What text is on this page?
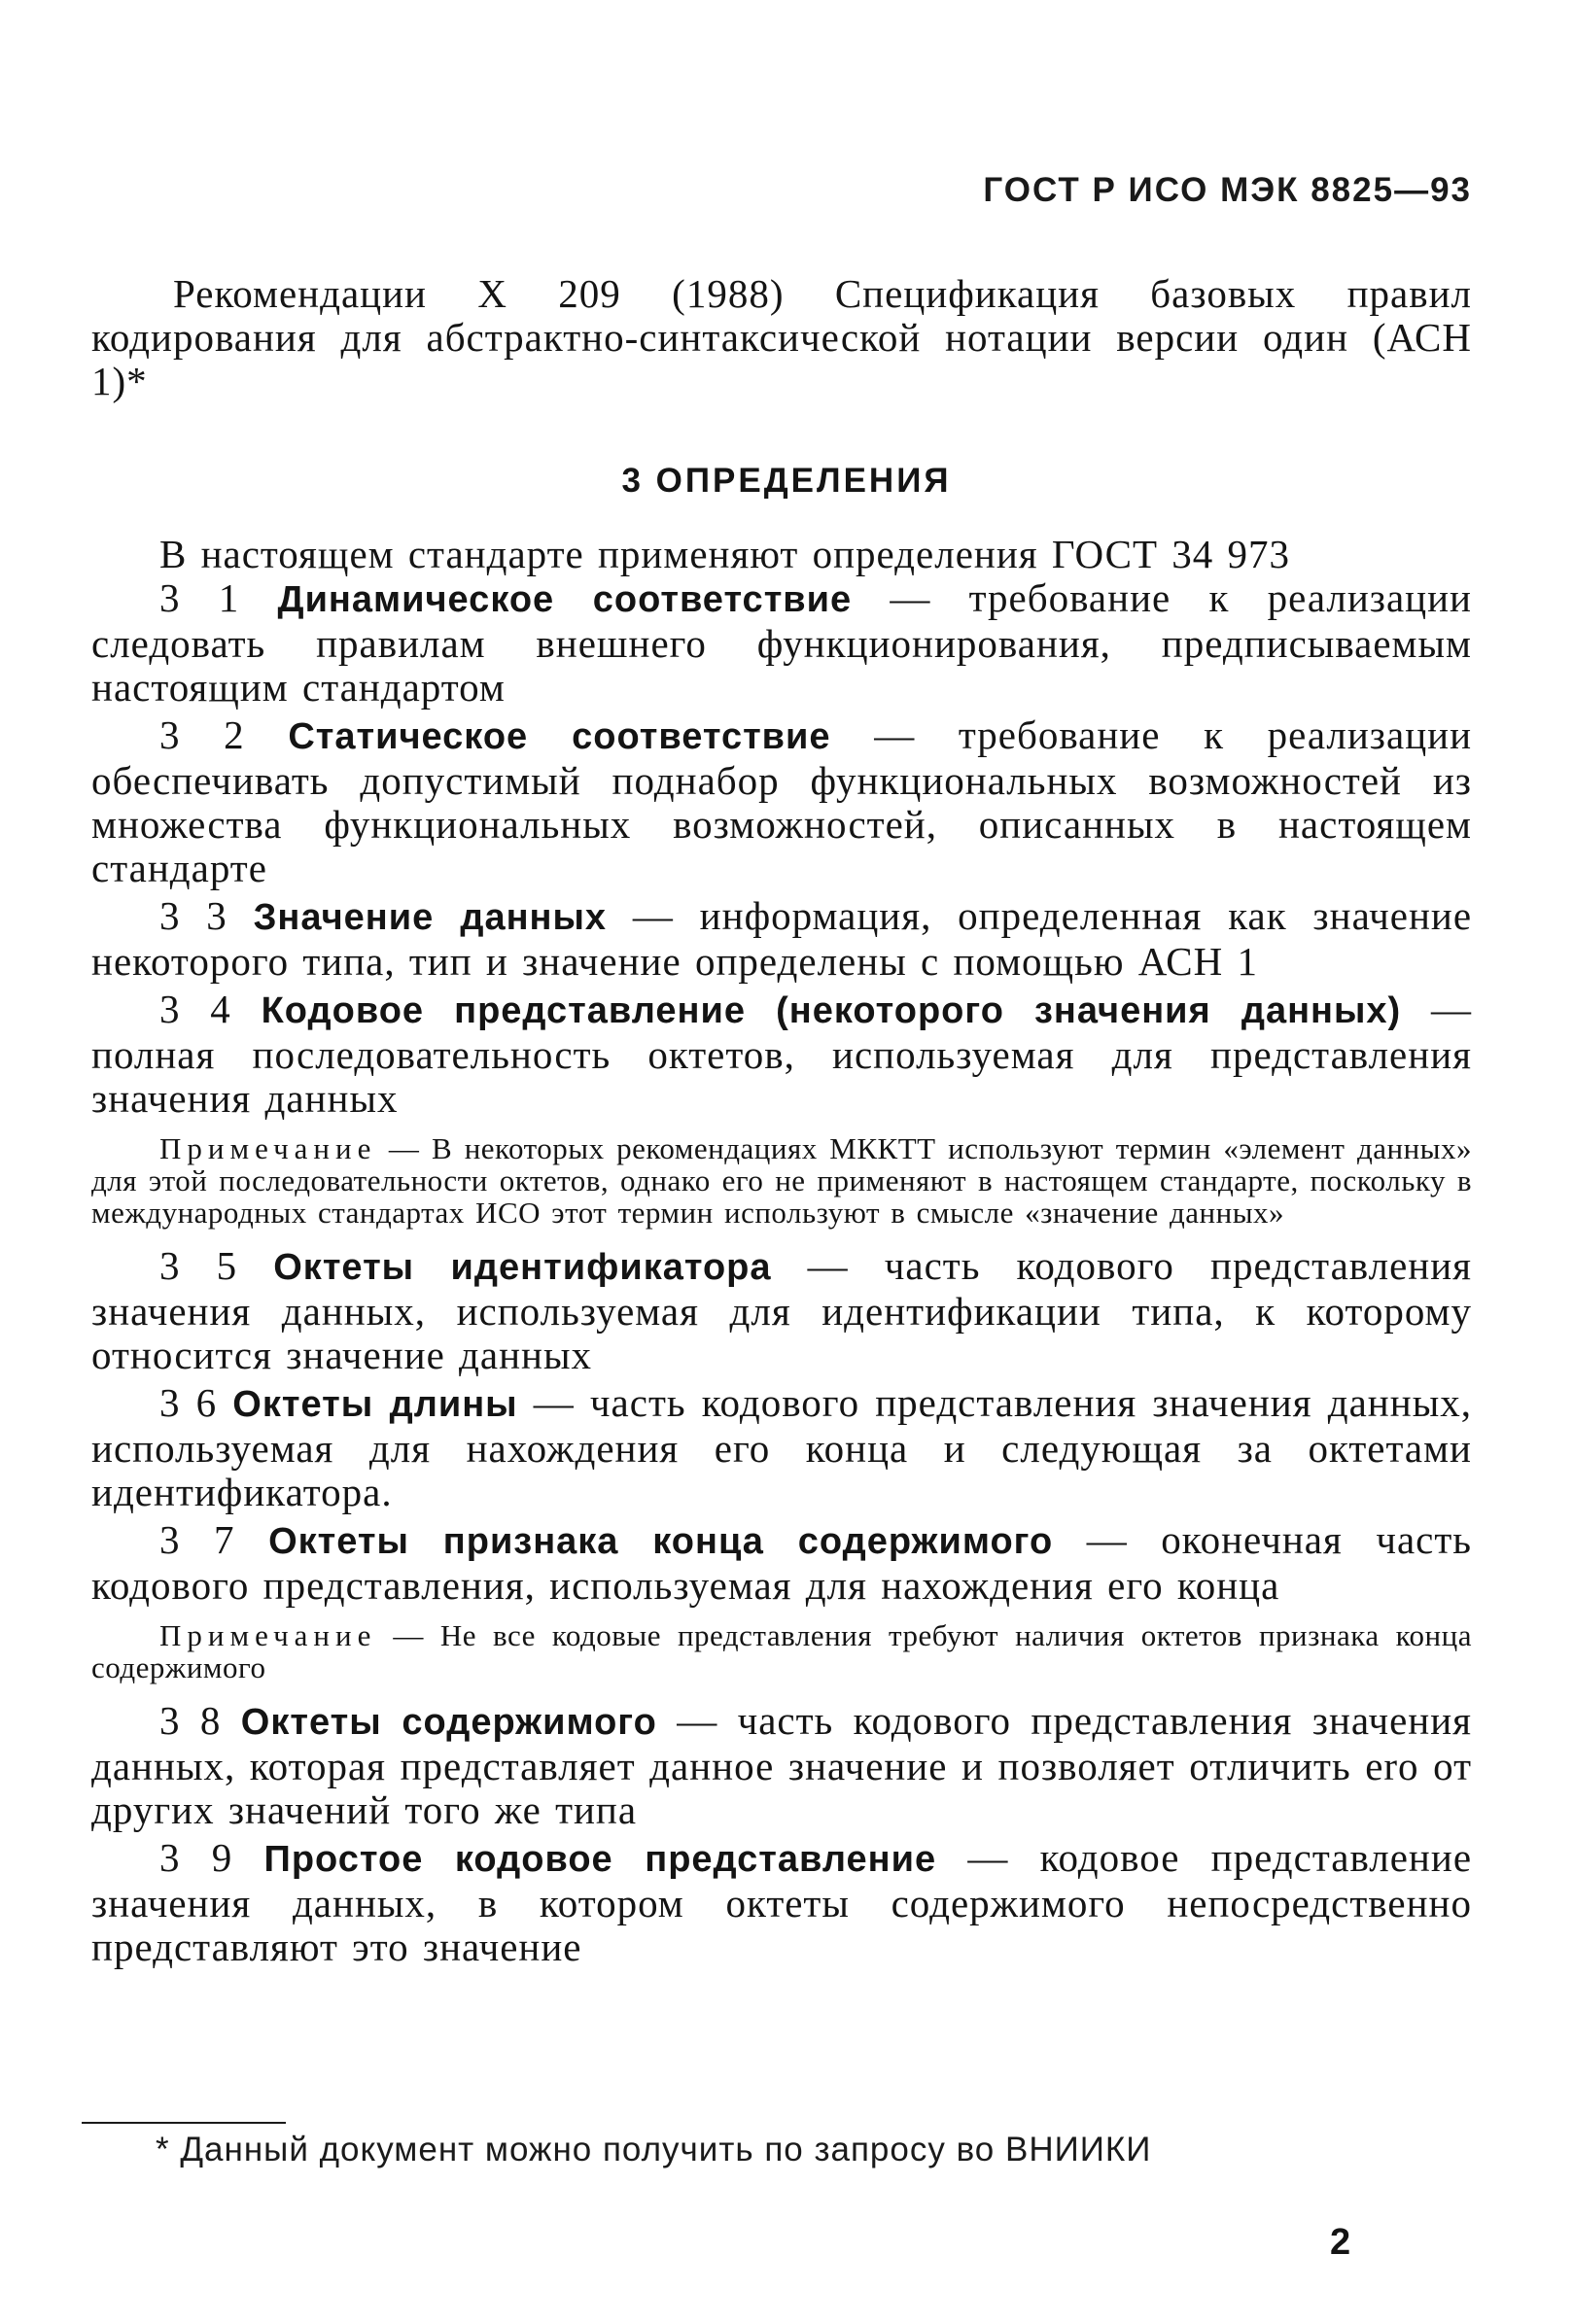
ГОСТ Р ИСО МЭК 8825—93
Рекомендации X 209 (1988) Спецификация базовых правил кодирования для абстрактно-синтаксической нотации версии один (АСН 1)*
3 ОПРЕДЕЛЕНИЯ

В настоящем стандарте применяют определения ГОСТ 34 973

3 1 Динамическое соответствие — требование к реализации следовать правилам внешнего функционирования, предписываемым настоящим стандартом

3 2 Статическое соответствие — требование к реализации обеспечивать допустимый поднабор функциональных возможностей из множества функциональных возможностей, описанных в настоящем стандарте

3 3 Значение данных — информация, определенная как значение некоторого типа, тип и значение определены с помощью АСН 1

3 4 Кодовое представление (некоторого значения данных) — полная последовательность октетов, используемая для представления значения данных

Примечание — В некоторых рекомендациях МККТТ используют термин «элемент данных» для этой последовательности октетов, однако его не применяют в настоящем стандарте, поскольку в международных стандартах ИСО этот термин используют в смысле «значение данных»

3 5 Октеты идентификатора — часть кодового представления значения данных, используемая для идентификации типа, к которому относится значение данных

3 6 Октеты длины — часть кодового представления значения данных, используемая для нахождения его конца и следующая за октетами идентификатора.

3 7 Октеты признака конца содержимого — оконечная часть кодового представления, используемая для нахождения его конца

Примечание — Не все кодовые представления требуют наличия октетов признака конца содержимого

3 8 Октеты содержимого — часть кодового представления значения данных, которая представляет данное значение и позволяет отличить ero от других значений того же типа

3 9 Простое кодовое представление — кодовое представление значения данных, в котором октеты содержимого непосредственно представляют это значение

* Данный документ можно получить по запросу во ВНИИКИ
2
